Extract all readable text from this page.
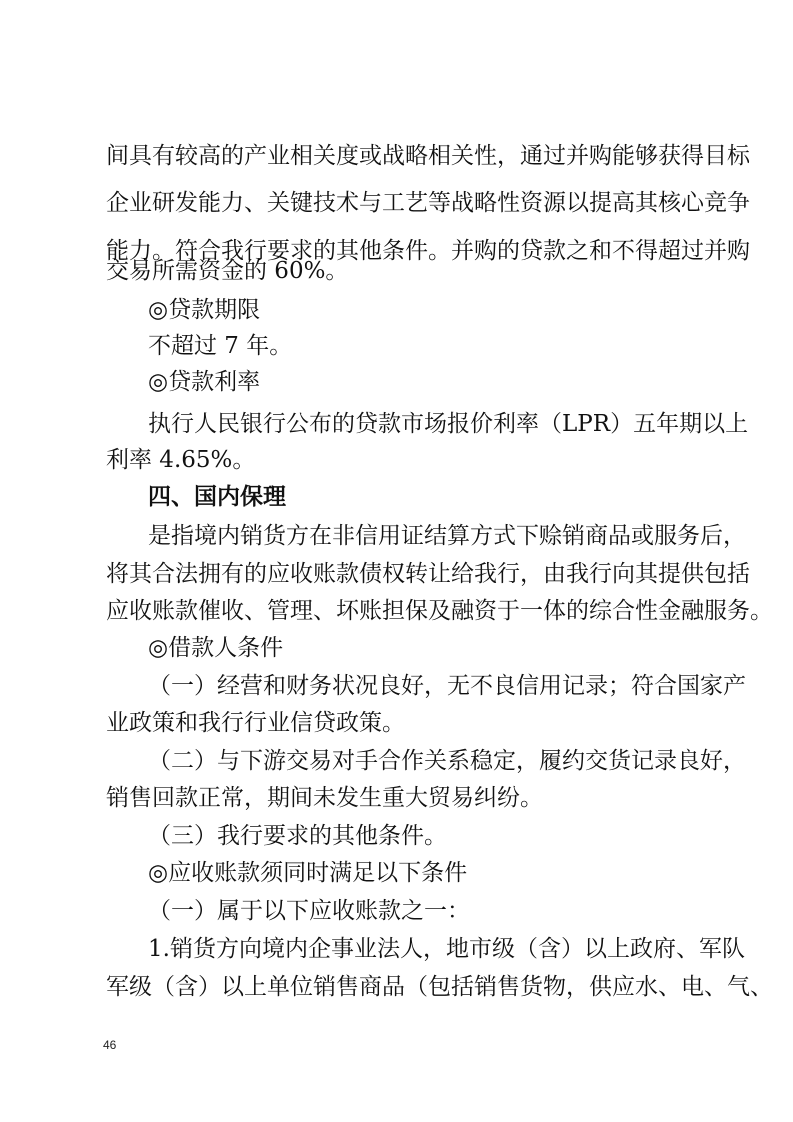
间具有较高的产业相关度或战略相关性，通过并购能够获得目标
企业研发能力、关键技术与工艺等战略性资源以提高其核心竞争
能力。符合我行要求的其他条件。并购的贷款之和不得超过并购
交易所需资金的 60%。
◎贷款期限
不超过 7 年。
◎贷款利率
执行人民银行公布的贷款市场报价利率（LPR）五年期以上
利率 4.65%。
四、国内保理
是指境内销货方在非信用证结算方式下赊销商品或服务后，
将其合法拥有的应收账款债权转让给我行，由我行向其提供包括
应收账款催收、管理、坏账担保及融资于一体的综合性金融服务。
◎借款人条件
（一）经营和财务状况良好，无不良信用记录；符合国家产
业政策和我行行业信贷政策。
（二）与下游交易对手合作关系稳定，履约交货记录良好，
销售回款正常，期间未发生重大贸易纠纷。
（三）我行要求的其他条件。
◎应收账款须同时满足以下条件
（一）属于以下应收账款之一：
1.销货方向境内企事业法人，地市级（含）以上政府、军队
军级（含）以上单位销售商品（包括销售货物，供应水、电、气、
46
